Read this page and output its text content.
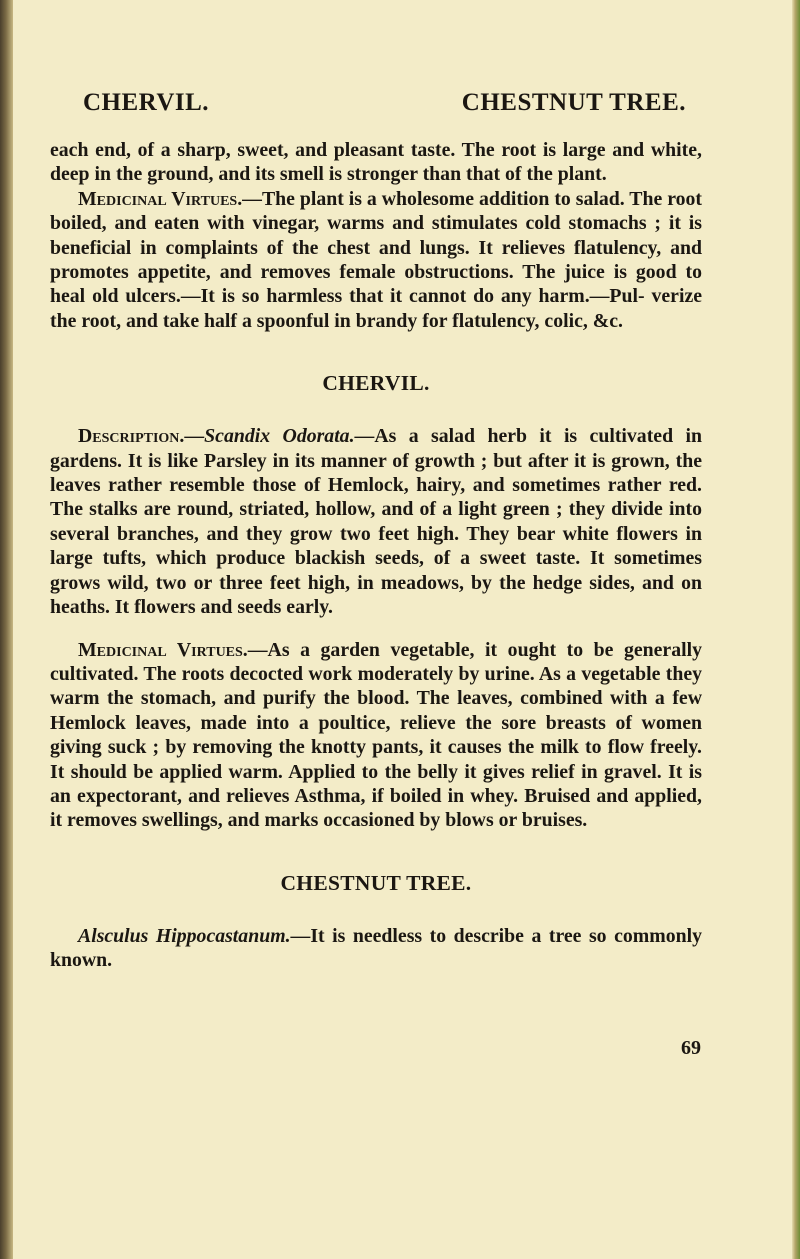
CHERVIL.	CHESTNUT TREE.

each end, of a sharp, sweet, and pleasant taste. The root is large and white, deep in the ground, and its smell is stronger than that of the plant.

Medicinal Virtues.—The plant is a wholesome addition to salad. The root boiled, and eaten with vinegar, warms and stimulates cold stomachs ; it is beneficial in complaints of the chest and lungs. It relieves flatulency, and promotes appetite, and removes female obstructions. The juice is good to heal old ulcers.—It is so harmless that it cannot do any harm.—Pul- verize the root, and take half a spoonful in brandy for flatulency, colic, &c.

CHERVIL.

Description.—Scandix Odorata.—As a salad herb it is cultivated in gardens. It is like Parsley in its manner of growth ; but after it is grown, the leaves rather resemble those of Hemlock, hairy, and sometimes rather red. The stalks are round, striated, hollow, and of a light green ; they divide into several branches, and they grow two feet high. They bear white flowers in large tufts, which produce blackish seeds, of a sweet taste. It sometimes grows wild, two or three feet high, in meadows, by the hedge sides, and on heaths. It flowers and seeds early.

Medicinal Virtues.—As a garden vegetable, it ought to be generally cultivated. The roots decocted work moderately by urine. As a vegetable they warm the stomach, and purify the blood. The leaves, combined with a few Hemlock leaves, made into a poultice, relieve the sore breasts of women giving suck ; by removing the knotty pants, it causes the milk to flow freely. It should be applied warm. Applied to the belly it gives relief in gravel. It is an expectorant, and relieves Asthma, if boiled in whey. Bruised and applied, it removes swellings, and marks occasioned by blows or bruises.

CHESTNUT TREE.

Alsculus Hippocastanum.—It is needless to describe a tree so commonly known.

69
